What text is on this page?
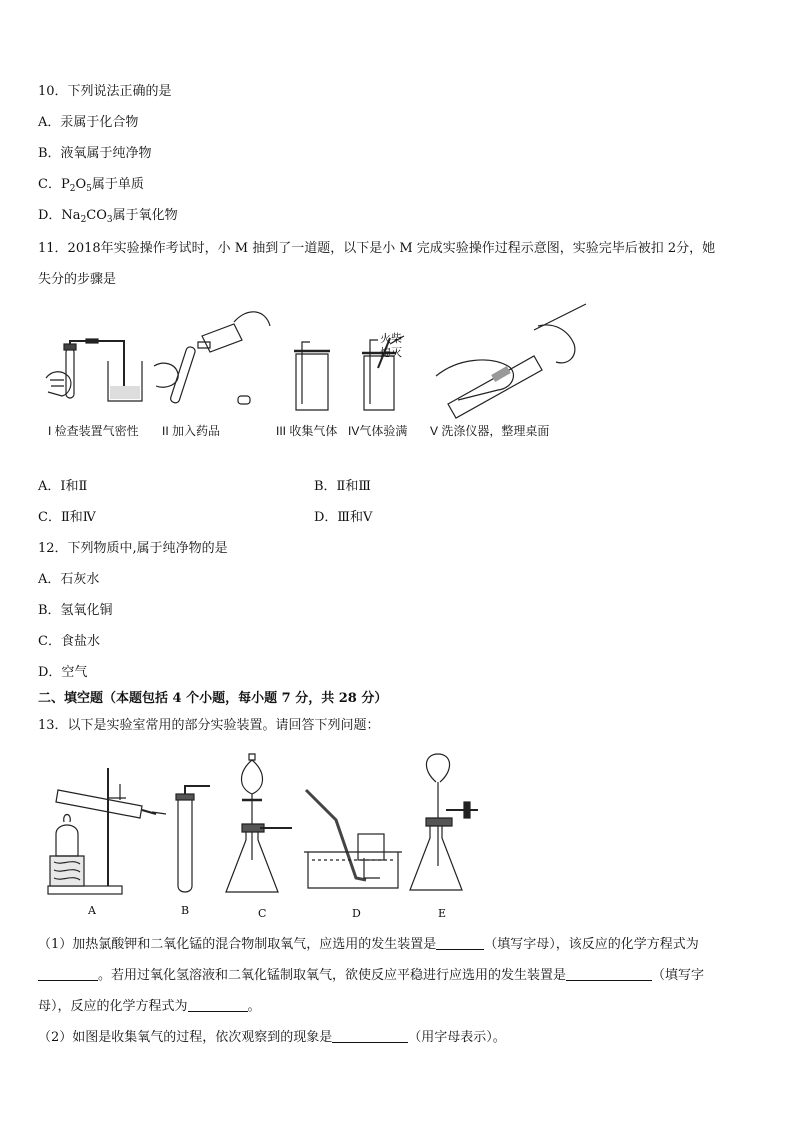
10．下列说法正确的是
A．汞属于化合物
B．液氧属于纯净物
C．$P_2O_5$属于单质
D．$Na_2CO_3$属于氧化物
11．2018年实验操作考试时，小 M 抽到了一道题，以下是小 M 完成实验操作过程示意图，实验完毕后被扣 2分，她
失分的步骤是
火柴
熄灭
I 检查装置气密性 II 加入药品	III 收集气体 IV气体验满 V 洗涤仪器，整理桌面
A．Ⅰ和Ⅱ	B．Ⅱ和Ⅲ
C．Ⅱ和Ⅳ	D．Ⅲ和Ⅴ
12．下列物质中,属于纯净物的是
A．石灰水
B．氢氧化铜
C．食盐水
D．空气
二、填空题（本题包括 4 个小题，每小题 7 分，共 28 分）
13．以下是实验室常用的部分实验装置。请回答下列问题：
A	B	C	D	E
（1）加热氯酸钾和二氧化锰的混合物制取氧气，应选用的发生装置是	（填写字母），该反应的化学方程式为
。若用过氧化氢溶液和二氧化锰制取氧气，欲使反应平稳进行应选用的发生装置是	（填写字
母），反应的化学方程式为	。
（2）如图是收集氧气的过程，依次观察到的现象是	（用字母表示）。
